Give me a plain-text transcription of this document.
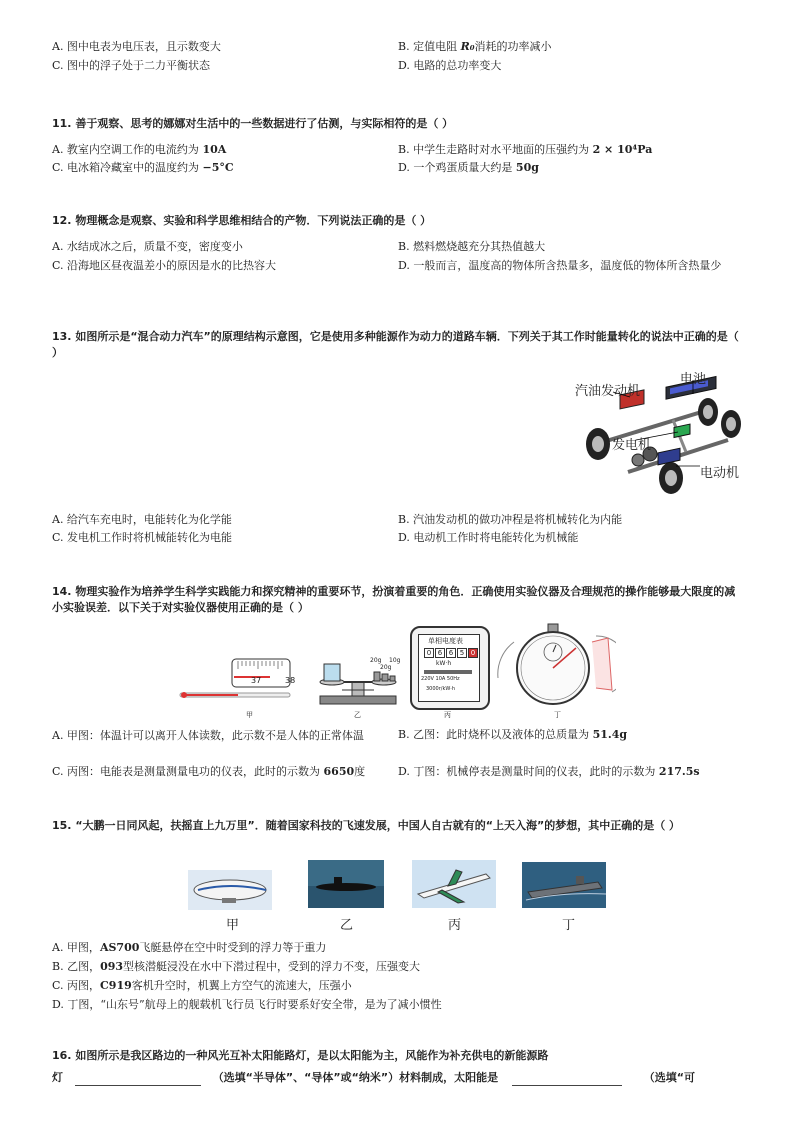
A. 图中电表为电压表，且示数变大	B. 定值电阻 R₀消耗的功率减小
C. 图中的浮子处于二力平衡状态	D. 电路的总功率变大
11. 善于观察、思考的娜娜对生活中的一些数据进行了估测，与实际相符的是（ ）
A. 教室内空调工作的电流约为 10A	B. 中学生走路时对水平地面的压强约为 2 × 10⁴Pa
C. 电冰箱冷藏室中的温度约为 −5°C	D. 一个鸡蛋质量大约是 50g
12. 物理概念是观察、实验和科学思维相结合的产物．下列说法正确的是（ ）
A. 水结成冰之后，质量不变，密度变小	B. 燃料燃烧越充分其热值越大
C. 沿海地区昼夜温差小的原因是水的比热容大	D. 一般而言，温度高的物体所含热量多，温度低的物体所含热量少
13. 如图所示是“混合动力汽车”的原理结构示意图，它是使用多种能源作为动力的道路车辆．下列关于其工作时能量转化的说法中正确的是（ ）
汽油发动机
电池
发电机
电动机
A. 给汽车充电时，电能转化为化学能	B. 汽油发动机的做功冲程是将机械转化为内能
C. 发电机工作时将机械能转化为电能	D. 电动机工作时将电能转化为机械能
14. 物理实验作为培养学生科学实践能力和探究精神的重要环节，扮演着重要的角色．正确使用实验仪器及合理规范的操作能够最大限度的减小实验误差．以下关于对实验仪器使用正确的是（ ）
37	38
20g
20g
10g
单相电度表
0 6 6 5 0
kW·h
220V 10A 50Hz
3000r/kW·h
甲	乙	丙	丁
A. 甲图：体温计可以离开人体读数，此示数不是人体的正常体温	B. 乙图：此时烧杯以及液体的总质量为 51.4g
C. 丙图：电能表是测量测量电功的仪表，此时的示数为 6650度	D. 丁图：机械停表是测量时间的仪表，此时的示数为 217.5s
15. “大鹏一日同风起，扶摇直上九万里”．随着国家科技的飞速发展，中国人自古就有的“上天入海”的梦想，其中正确的是（ ）
甲	乙	丙	丁
A. 甲图，AS700飞艇悬停在空中时受到的浮力等于重力
B. 乙图，093型核潜艇浸没在水中下潜过程中，受到的浮力不变，压强变大
C. 丙图，C919客机升空时，机翼上方空气的流速大，压强小
D. 丁图，“山东号”航母上的舰载机飞行员飞行时要系好安全带，是为了减小惯性
16. 如图所示是我区路边的一种风光互补太阳能路灯，是以太阳能为主，风能作为补充供电的新能源路
灯	（选填“半导体”、“导体”或“纳米”）材料制成，太阳能是	（选填“可
